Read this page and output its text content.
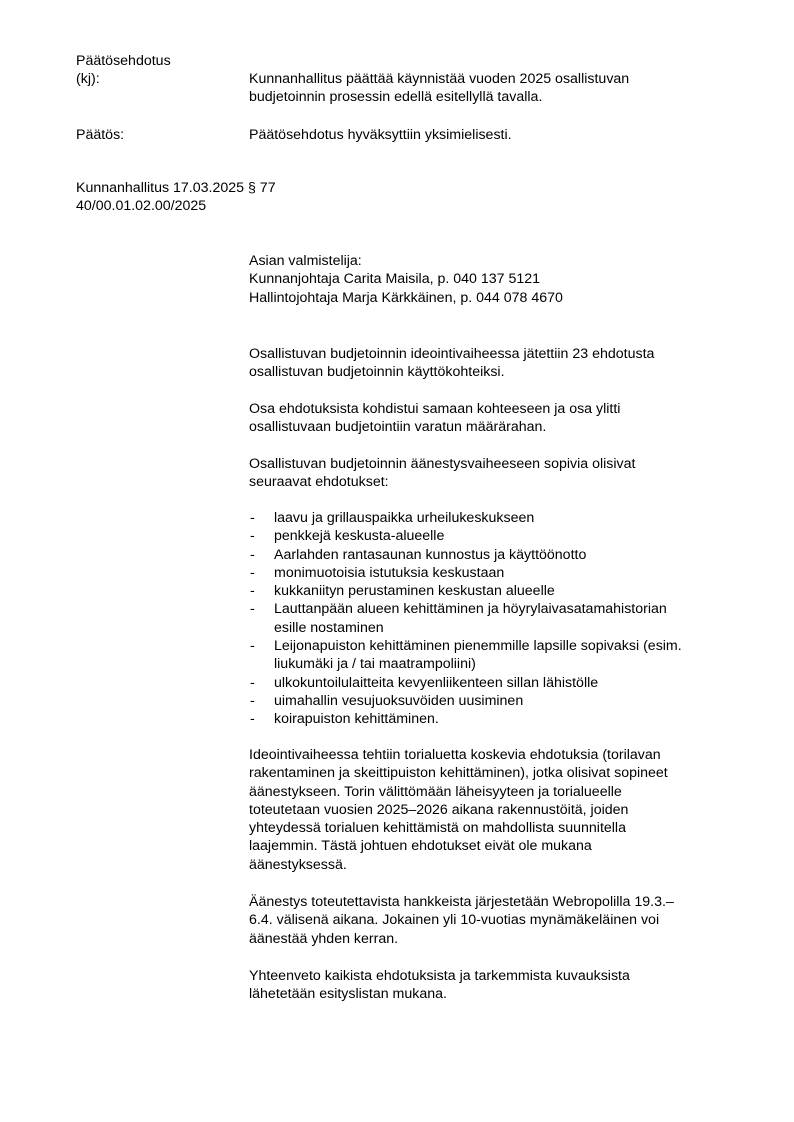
Päätösehdotus
(kj):	Kunnanhallitus päättää käynnistää vuoden 2025 osallistuvan
budjetoinnin prosessin edellä esitellyllä tavalla.
Päätös:	Päätösehdotus hyväksyttiin yksimielisesti.
Kunnanhallitus 17.03.2025 § 77
40/00.01.02.00/2025
Asian valmistelija:
Kunnanjohtaja Carita Maisila, p. 040 137 5121
Hallintojohtaja Marja Kärkkäinen, p. 044 078 4670
Osallistuvan budjetoinnin ideointivaiheessa jätettiin 23 ehdotusta
osallistuvan budjetoinnin käyttökohteiksi.
Osa ehdotuksista kohdistui samaan kohteeseen ja osa ylitti
osallistuvaan budjetointiin varatun määrärahan.
Osallistuvan budjetoinnin äänestysvaiheeseen sopivia olisivat
seuraavat ehdotukset:
- laavu ja grillauspaikka urheilukeskukseen
- penkkejä keskusta-alueelle
- Aarlahden rantasaunan kunnostus ja käyttöönotto
- monimuotoisia istutuksia keskustaan
- kukkaniityn perustaminen keskustan alueelle
- Lauttanpään alueen kehittäminen ja höyrylaivasatamahistorian
esille nostaminen
- Leijonapuiston kehittäminen pienemmille lapsille sopivaksi (esim.
liukumäki ja / tai maatrampoliini)
- ulkokuntoilulaitteita kevyenliikenteen sillan lähistölle
- uimahallin vesujuoksuvöiden uusiminen
- koirapuiston kehittäminen.
Ideointivaiheessa tehtiin torialuetta koskevia ehdotuksia (torilavan
rakentaminen ja skeittipuiston kehittäminen), jotka olisivat sopineet
äänestykseen. Torin välittömään läheisyyteen ja torialueelle
toteutetaan vuosien 2025–2026 aikana rakennustöitä, joiden
yhteydessä torialuen kehittämistä on mahdollista suunnitella
laajemmin. Tästä johtuen ehdotukset eivät ole mukana
äänestyksessä.
Äänestys toteutettavista hankkeista järjestetään Webropolilla 19.3.–
6.4. välisenä aikana. Jokainen yli 10-vuotias mynämäkeläinen voi
äänestää yhden kerran.
Yhteenveto kaikista ehdotuksista ja tarkemmista kuvauksista
lähetetään esityslistan mukana.
